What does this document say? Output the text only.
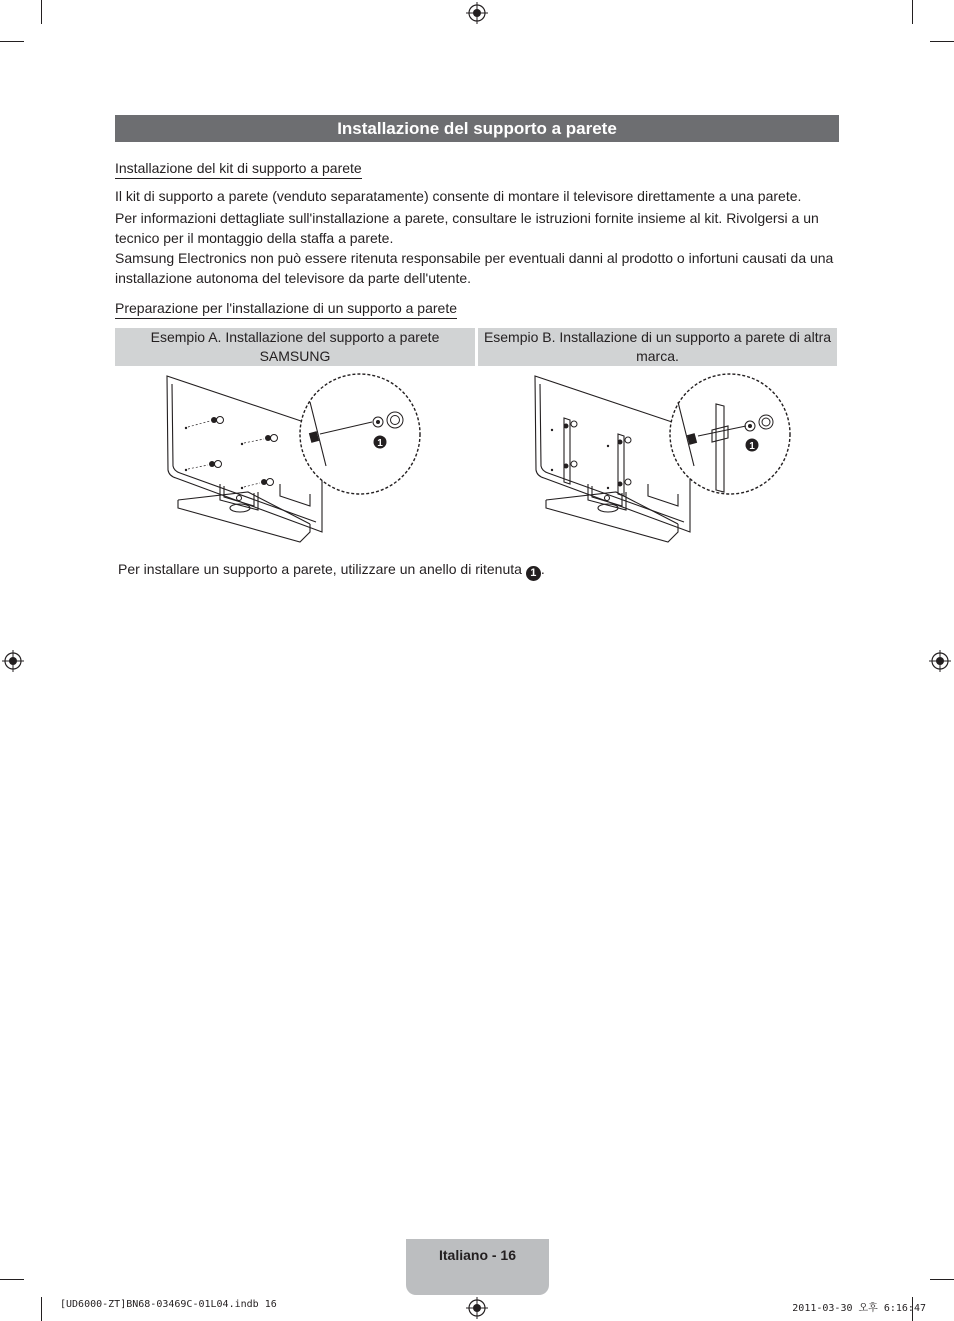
Installazione del supporto a parete
Installazione del kit di supporto a parete

Il kit di supporto a parete (venduto separatamente) consente di montare il televisore direttamente a una parete.

Per informazioni dettagliate sull'installazione a parete, consultare le istruzioni fornite insieme al kit. Rivolgersi a un tecnico per il montaggio della staffa a parete.

Samsung Electronics non può essere ritenuta responsabile per eventuali danni al prodotto o infortuni causati da una installazione autonoma del televisore da parte dell'utente.

Preparazione per l'installazione di un supporto a parete
Esempio A. Installazione del supporto a parete SAMSUNG
Esempio B. Installazione di un supporto a parete di altra marca.
1	1
Per installare un supporto a parete, utilizzare un anello di ritenuta 1 .
Italiano - 16
[UD6000-ZT]BN68-03469C-01L04.indb 16	2011-03-30 오후 6:16:47
